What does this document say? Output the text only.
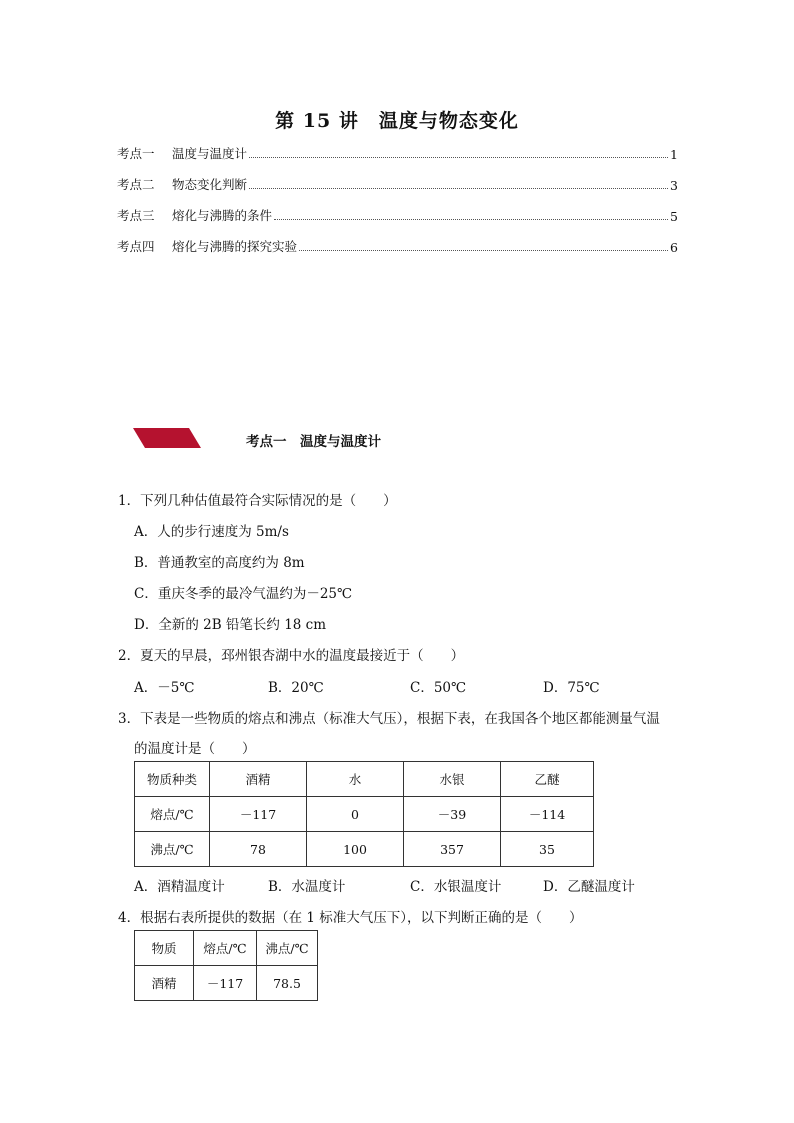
第 15 讲　温度与物态变化
考点一	温度与温度计	1
考点二	物态变化判断	3
考点三	熔化与沸腾的条件	5
考点四	熔化与沸腾的探究实验	6
考点一　温度与温度计
1．下列几种估值最符合实际情况的是（　　）
A．人的步行速度为 5m/s
B．普通教室的高度约为 8m
C．重庆冬季的最冷气温约为－25℃
D．全新的 2B 铅笔长约 18 cm
2．夏天的早晨，邳州银杏湖中水的温度最接近于（　　）
A．－5℃	B．20℃	C．50℃	D．75℃
3．下表是一些物质的熔点和沸点（标准大气压），根据下表，在我国各个地区都能测量气温
的温度计是（　　）
物质种类	酒精	水	水银	乙醚
熔点/℃	－117	0	－39	－114
沸点/℃	78	100	357	35
A．酒精温度计	B．水温度计	C．水银温度计	D．乙醚温度计
4．根据右表所提供的数据（在 1 标准大气压下），以下判断正确的是（　　）
物质	熔点/℃	沸点/℃
酒精	－117	78.5
